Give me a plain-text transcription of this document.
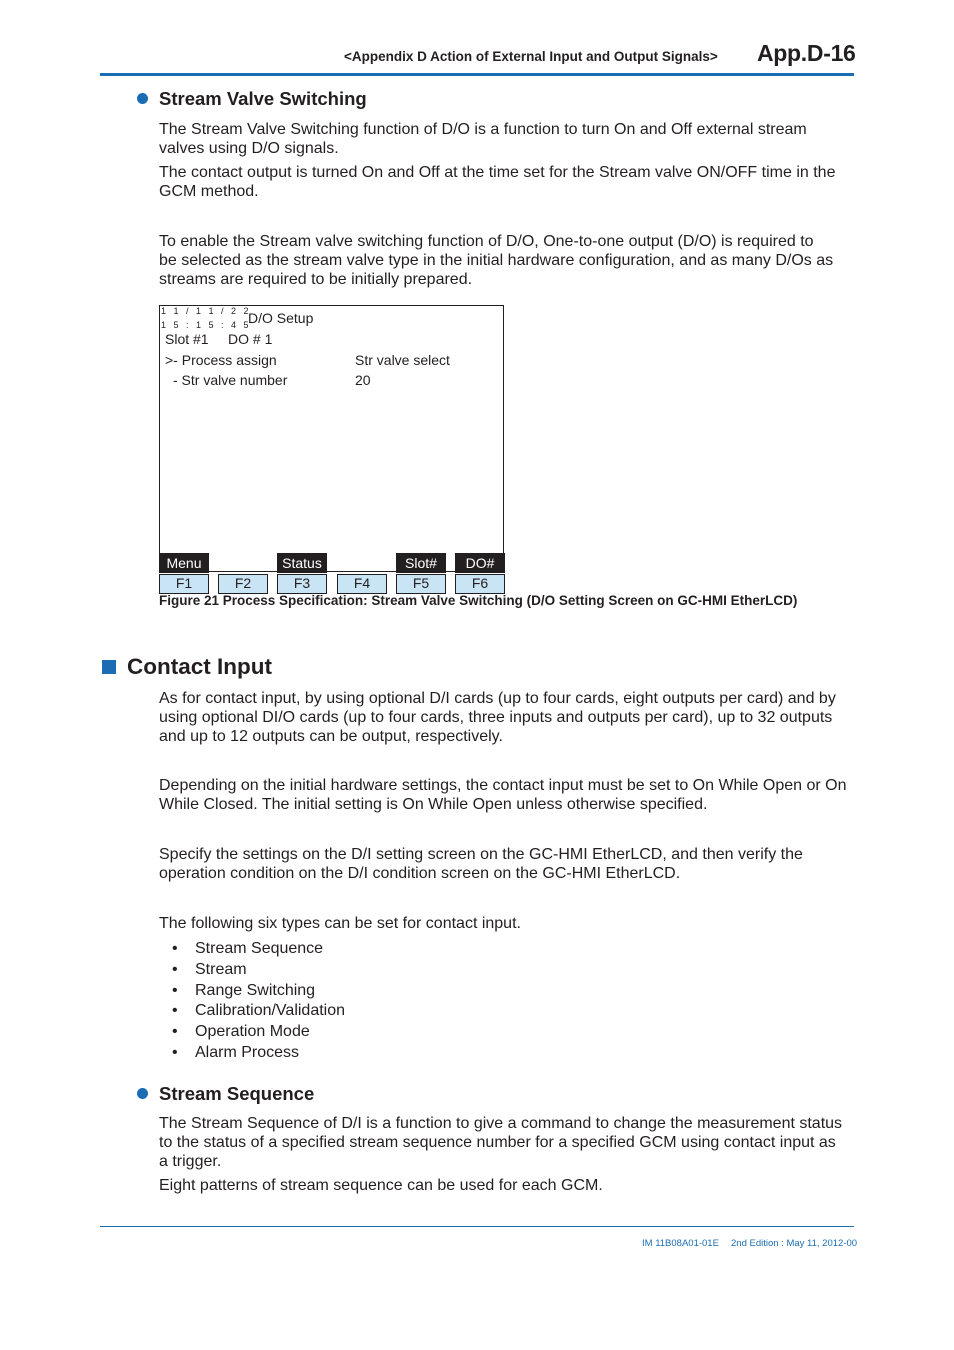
<Appendix D Action of External Input and Output Signals> App.D-16
Stream Valve Switching
The Stream Valve Switching function of D/O is a function to turn On and Off external stream
valves using D/O signals.
The contact output is turned On and Off at the time set for the Stream valve ON/OFF time in the
GCM method.
To enable the Stream valve switching function of D/O, One-to-one output (D/O) is required to
be selected as the stream valve type in the initial hardware configuration, and as many D/Os as
streams are required to be initially prepared.
1 1 / 1 1 / 2 2
1 5 : 1 5 : 4 5
D/O Setup
Slot #1 DO # 1
>- Process assign	Str valve select
- Str valve number	20
Menu	Status	Slot#	DO#
F1	F2	F3	F4	F5	F6
Figure 21 Process Specification: Stream Valve Switching (D/O Setting Screen on GC-HMI EtherLCD)
Contact Input
As for contact input, by using optional D/I cards (up to four cards, eight outputs per card) and by
using optional DI/O cards (up to four cards, three inputs and outputs per card), up to 32 outputs
and up to 12 outputs can be output, respectively.
Depending on the initial hardware settings, the contact input must be set to On While Open or On
While Closed. The initial setting is On While Open unless otherwise specified.
Specify the settings on the D/I setting screen on the GC-HMI EtherLCD, and then verify the
operation condition on the D/I condition screen on the GC-HMI EtherLCD.
The following six types can be set for contact input.
• Stream Sequence
• Stream
• Range Switching
• Calibration/Validation
• Operation Mode
• Alarm Process
Stream Sequence
The Stream Sequence of D/I is a function to give a command to change the measurement status
to the status of a specified stream sequence number for a specified GCM using contact input as
a trigger.
Eight patterns of stream sequence can be used for each GCM.
IM 11B08A01-01E 2nd Edition : May 11, 2012-00
